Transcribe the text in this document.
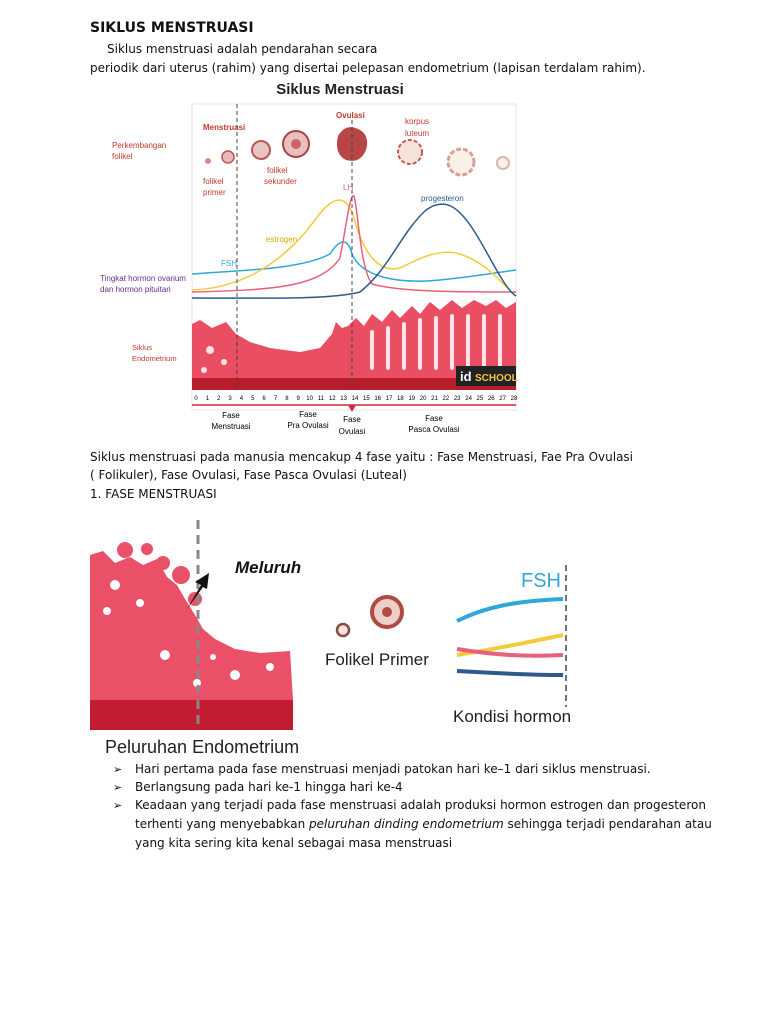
SIKLUS MENSTRUASI
Siklus menstruasi adalah pendarahan secara
periodik dari uterus (rahim) yang disertai pelepasan endometrium (lapisan terdalam rahim).
Siklus Menstruasi
Menstruasi
Ovulasi
korpus
luteum
Perkembangan
folikel
folikel
primer
folikel
sekunder
LH
progesteron
estrogen
FSH
Tingkat hormon ovarium
dan hormon pituitari
Siklus
Endometrium
id SCHOOL
0 1 2 3 4 5 6 7 8 9 10 11 12 13 14 15 16 17 18 19 20 21 22 23 24 25 26 27 28
Fase
Menstruasi
Fase
Pra Ovulasi
Fase
Ovulasi
Fase
Pasca Ovulasi
Siklus menstruasi pada manusia mencakup 4 fase yaitu : Fase Menstruasi, Fae Pra Ovulasi
( Folikuler), Fase Ovulasi, Fase Pasca Ovulasi (Luteal)
1. FASE MENSTRUASI
Meluruh
Folikel Primer
FSH
Kondisi hormon
Peluruhan Endometrium
➢ Hari pertama pada fase menstruasi menjadi patokan hari ke–1 dari siklus menstruasi.
➢ Berlangsung pada hari ke-1 hingga hari ke-4
➢ Keadaan yang terjadi pada fase menstruasi adalah produksi hormon estrogen dan progesteron
terhenti yang menyebabkan peluruhan dinding endometrium sehingga terjadi pendarahan atau
yang kita sering kita kenal sebagai masa menstruasi
